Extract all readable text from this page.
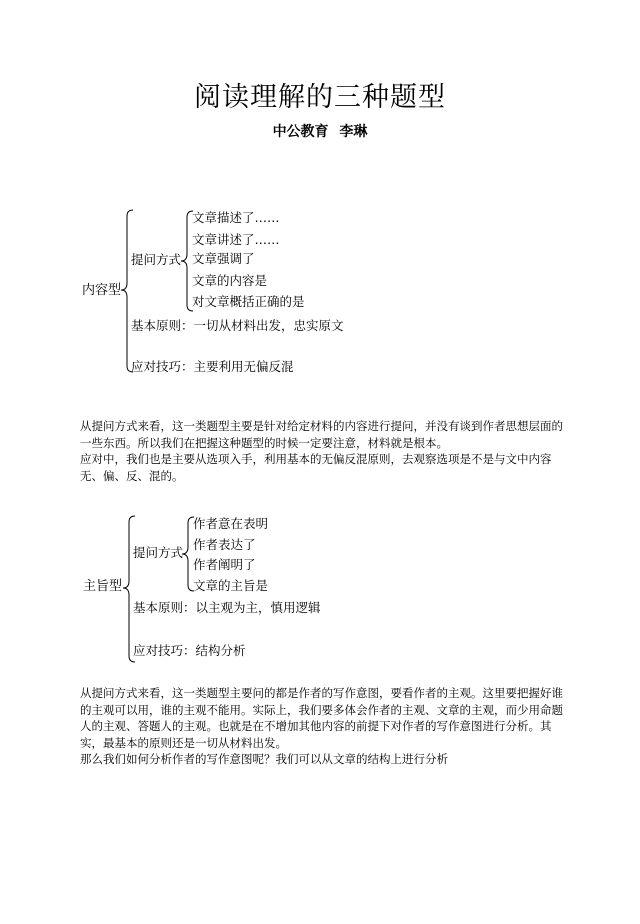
阅读理解的三种题型
中公教育 李琳
内容型
提问方式
文章描述了……
文章讲述了……
文章强调了
文章的内容是
对文章概括正确的是
基本原则：一切从材料出发，忠实原文
应对技巧：主要利用无偏反混
从提问方式来看，这一类题型主要是针对给定材料的内容进行提问，并没有谈到作者思想层面的一些东西。所以我们在把握这种题型的时候一定要注意，材料就是根本。
应对中，我们也是主要从选项入手，利用基本的无偏反混原则，去观察选项是不是与文中内容无、偏、反、混的。
主旨型
提问方式
作者意在表明
作者表达了
作者阐明了
文章的主旨是
基本原则：以主观为主，慎用逻辑
应对技巧：结构分析
从提问方式来看，这一类题型主要问的都是作者的写作意图，要看作者的主观。这里要把握好谁的主观可以用，谁的主观不能用。实际上，我们要多体会作者的主观、文章的主观，而少用命题人的主观、答题人的主观。也就是在不增加其他内容的前提下对作者的写作意图进行分析。其实，最基本的原则还是一切从材料出发。
那么我们如何分析作者的写作意图呢？我们可以从文章的结构上进行分析
